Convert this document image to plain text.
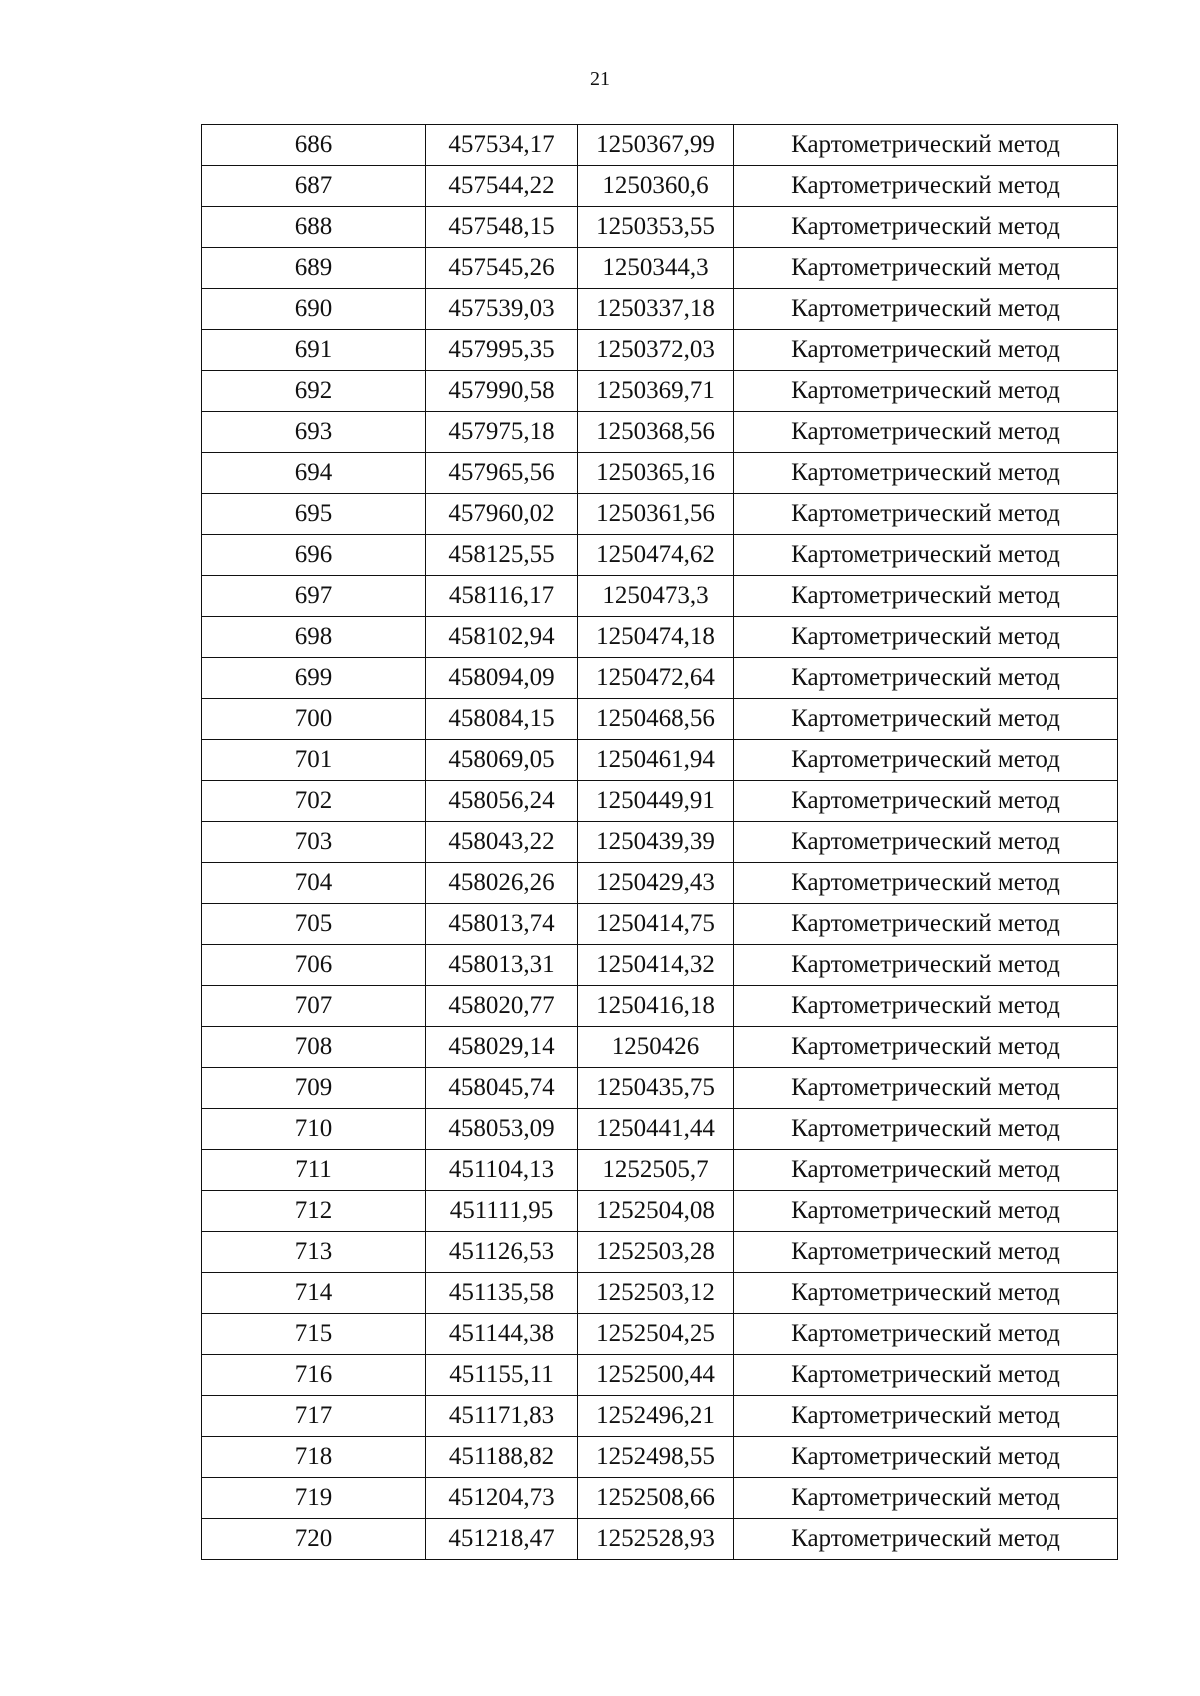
21
686	457534,17	1250367,99	Картометрический метод
687	457544,22	1250360,6	Картометрический метод
688	457548,15	1250353,55	Картометрический метод
689	457545,26	1250344,3	Картометрический метод
690	457539,03	1250337,18	Картометрический метод
691	457995,35	1250372,03	Картометрический метод
692	457990,58	1250369,71	Картометрический метод
693	457975,18	1250368,56	Картометрический метод
694	457965,56	1250365,16	Картометрический метод
695	457960,02	1250361,56	Картометрический метод
696	458125,55	1250474,62	Картометрический метод
697	458116,17	1250473,3	Картометрический метод
698	458102,94	1250474,18	Картометрический метод
699	458094,09	1250472,64	Картометрический метод
700	458084,15	1250468,56	Картометрический метод
701	458069,05	1250461,94	Картометрический метод
702	458056,24	1250449,91	Картометрический метод
703	458043,22	1250439,39	Картометрический метод
704	458026,26	1250429,43	Картометрический метод
705	458013,74	1250414,75	Картометрический метод
706	458013,31	1250414,32	Картометрический метод
707	458020,77	1250416,18	Картометрический метод
708	458029,14	1250426	Картометрический метод
709	458045,74	1250435,75	Картометрический метод
710	458053,09	1250441,44	Картометрический метод
711	451104,13	1252505,7	Картометрический метод
712	451111,95	1252504,08	Картометрический метод
713	451126,53	1252503,28	Картометрический метод
714	451135,58	1252503,12	Картометрический метод
715	451144,38	1252504,25	Картометрический метод
716	451155,11	1252500,44	Картометрический метод
717	451171,83	1252496,21	Картометрический метод
718	451188,82	1252498,55	Картометрический метод
719	451204,73	1252508,66	Картометрический метод
720	451218,47	1252528,93	Картометрический метод
